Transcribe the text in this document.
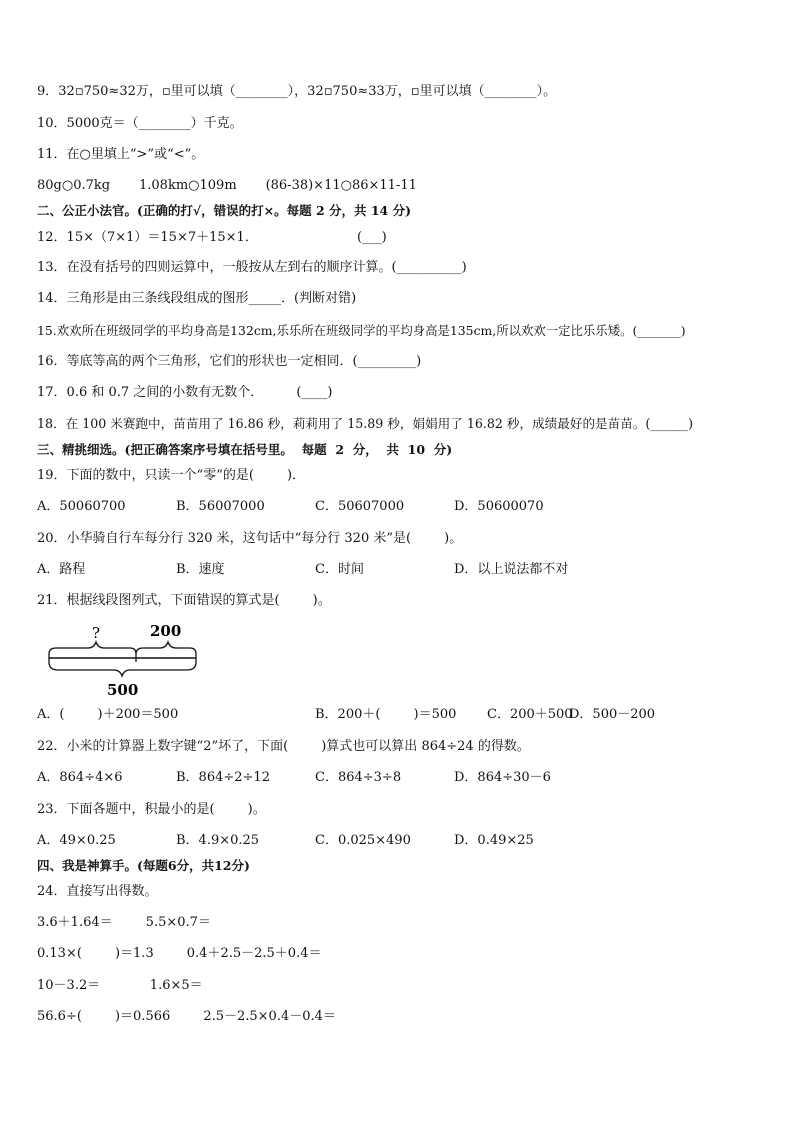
9．32▫750≈32万，▫里可以填（________），32▫750≈33万，▫里可以填（________）。
10．5000克＝（________）千克。
11．在○里填上“>”或“<”。
80g○0.7kg       1.08km○109m       (86-38)×11○86×11-11
二、公正小法官。(正确的打√，错误的打×。每题 2 分，共 14 分)
12．15×（7×1）＝15×7＋15×1．                        (___)
13．在没有括号的四则运算中，一般按从左到右的顺序计算。(__________)
14．三角形是由三条线段组成的图形_____．(判断对错)
15.欢欢所在班级同学的平均身高是132cm,乐乐所在班级同学的平均身高是135cm,所以欢欢一定比乐乐矮。(_______)
16．等底等高的两个三角形，它们的形状也一定相同．(_________)
17．0.6 和 0.7 之间的小数有无数个．        (____)
18．在 100 米赛跑中，苗苗用了 16.86 秒，莉莉用了 15.89 秒，娟娟用了 16.82 秒，成绩最好的是苗苗。(______)
三、精挑细选。(把正确答案序号填在括号里。  每题  2  分，  共  10  分)
19．下面的数中，只读一个“零”的是(        )．
A．50060700	B．56007000	C．50607000	D．50600070
20．小华骑自行车每分行 320 米，这句话中“每分行 320 米”是(        )。
A．路程	B．速度	C．时间	D．以上说法都不对
21．根据线段图列式，下面错误的算式是(        )。
?	200
500
A．(        )＋200＝500	B．200＋(        )＝500 C．200＋500
D．500－200
22．小米的计算器上数字键“2”坏了，下面(        )算式也可以算出 864÷24 的得数。
A．864÷4×6	B．864÷2÷12	C．864÷3÷8	D．864÷30－6
23．下面各题中，积最小的是(        )。
A．49×0.25	B．4.9×0.25	C．0.025×490	D．0.49×25
四、我是神算手。(每题6分，共12分)
24．直接写出得数。
3.6＋1.64＝        5.5×0.7＝
0.13×(        )＝1.3        0.4＋2.5－2.5＋0.4＝
10－3.2＝            1.6×5＝
56.6÷(        )＝0.566        2.5－2.5×0.4－0.4＝
